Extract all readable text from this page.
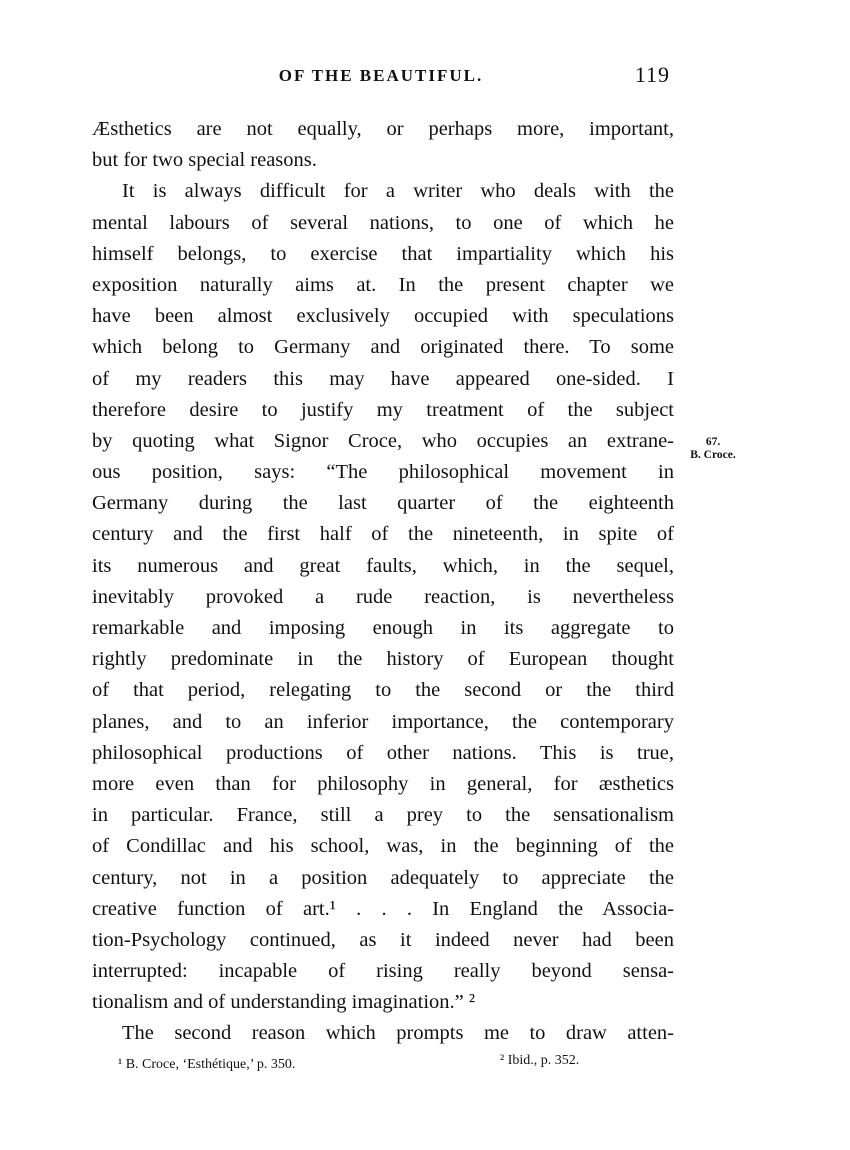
OF THE BEAUTIFUL.	119
Æsthetics are not equally, or perhaps more, important,
but for two special reasons.
It is always difficult for a writer who deals with the
mental labours of several nations, to one of which he
himself belongs, to exercise that impartiality which his
exposition naturally aims at. In the present chapter we
have been almost exclusively occupied with speculations
which belong to Germany and originated there. To some
of my readers this may have appeared one-sided. I
therefore desire to justify my treatment of the subject
by quoting what Signor Croce, who occupies an extrane-
ous position, says: “The philosophical movement in
Germany during the last quarter of the eighteenth
century and the first half of the nineteenth, in spite of
its numerous and great faults, which, in the sequel,
inevitably provoked a rude reaction, is nevertheless
remarkable and imposing enough in its aggregate to
rightly predominate in the history of European thought
of that period, relegating to the second or the third
planes, and to an inferior importance, the contemporary
philosophical productions of other nations. This is true,
more even than for philosophy in general, for æsthetics
in particular. France, still a prey to the sensationalism
of Condillac and his school, was, in the beginning of the
century, not in a position adequately to appreciate the
creative function of art.¹ . . . In England the Associa-
tion-Psychology continued, as it indeed never had been
interrupted: incapable of rising really beyond sensa-
tionalism and of understanding imagination.” ²
The second reason which prompts me to draw atten-
67.
B. Croce.
¹ B. Croce, ‘Esthétique,’ p. 350.	² Ibid., p. 352.
